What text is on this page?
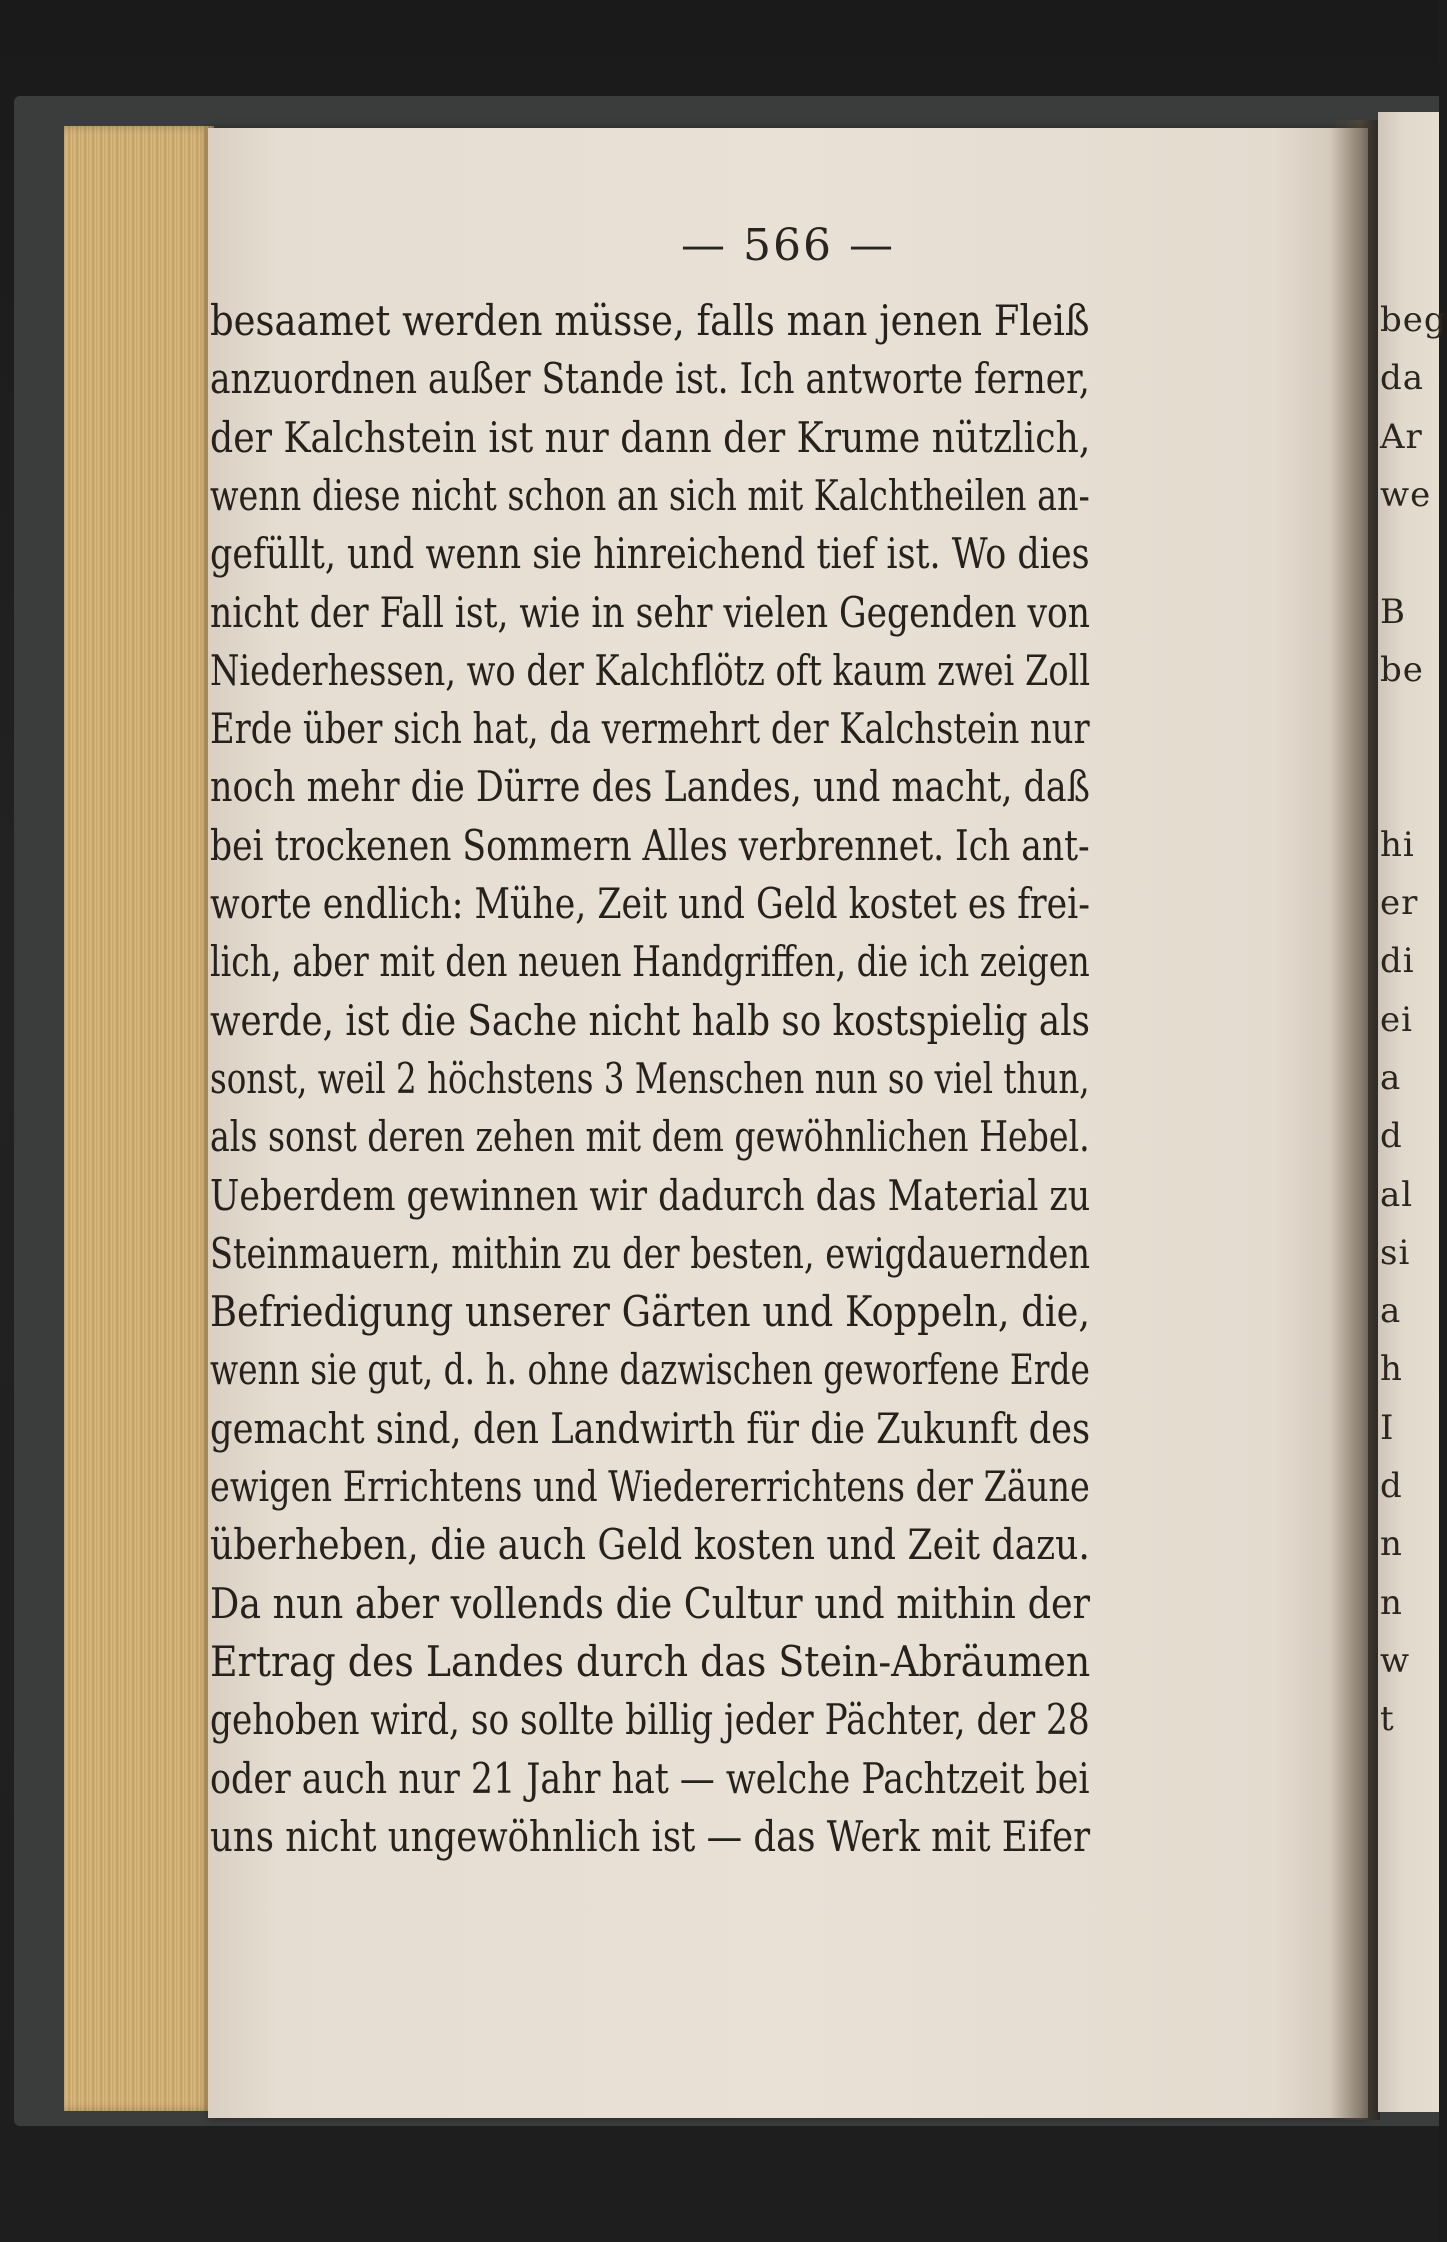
— 566 —
besaamet werden müsse, falls man jenen Fleiß
anzuordnen außer Stande ist. Ich antworte ferner,
der Kalchstein ist nur dann der Krume nützlich,
wenn diese nicht schon an sich mit Kalchtheilen an-
gefüllt, und wenn sie hinreichend tief ist. Wo dies
nicht der Fall ist, wie in sehr vielen Gegenden von
Niederhessen, wo der Kalchflötz oft kaum zwei Zoll
Erde über sich hat, da vermehrt der Kalchstein nur
noch mehr die Dürre des Landes, und macht, daß
bei trockenen Sommern Alles verbrennet. Ich ant-
worte endlich: Mühe, Zeit und Geld kostet es frei-
lich, aber mit den neuen Handgriffen, die ich zeigen
werde, ist die Sache nicht halb so kostspielig als
sonst, weil 2 höchstens 3 Menschen nun so viel thun,
als sonst deren zehen mit dem gewöhnlichen Hebel.
Ueberdem gewinnen wir dadurch das Material zu
Steinmauern, mithin zu der besten, ewigdauernden
Befriedigung unserer Gärten und Koppeln, die,
wenn sie gut, d. h. ohne dazwischen geworfene Erde
gemacht sind, den Landwirth für die Zukunft des
ewigen Errichtens und Wiedererrichtens der Zäune
überheben, die auch Geld kosten und Zeit dazu.
Da nun aber vollends die Cultur und mithin der
Ertrag des Landes durch das Stein-Abräumen
gehoben wird, so sollte billig jeder Pächter, der 28
oder auch nur 21 Jahr hat — welche Pachtzeit bei
uns nicht ungewöhnlich ist — das Werk mit Eifer
beg
da
Ar
we
B
be
hi
er
di
ei
a
d
al
si
a
h
I
d
n
n
w
t
